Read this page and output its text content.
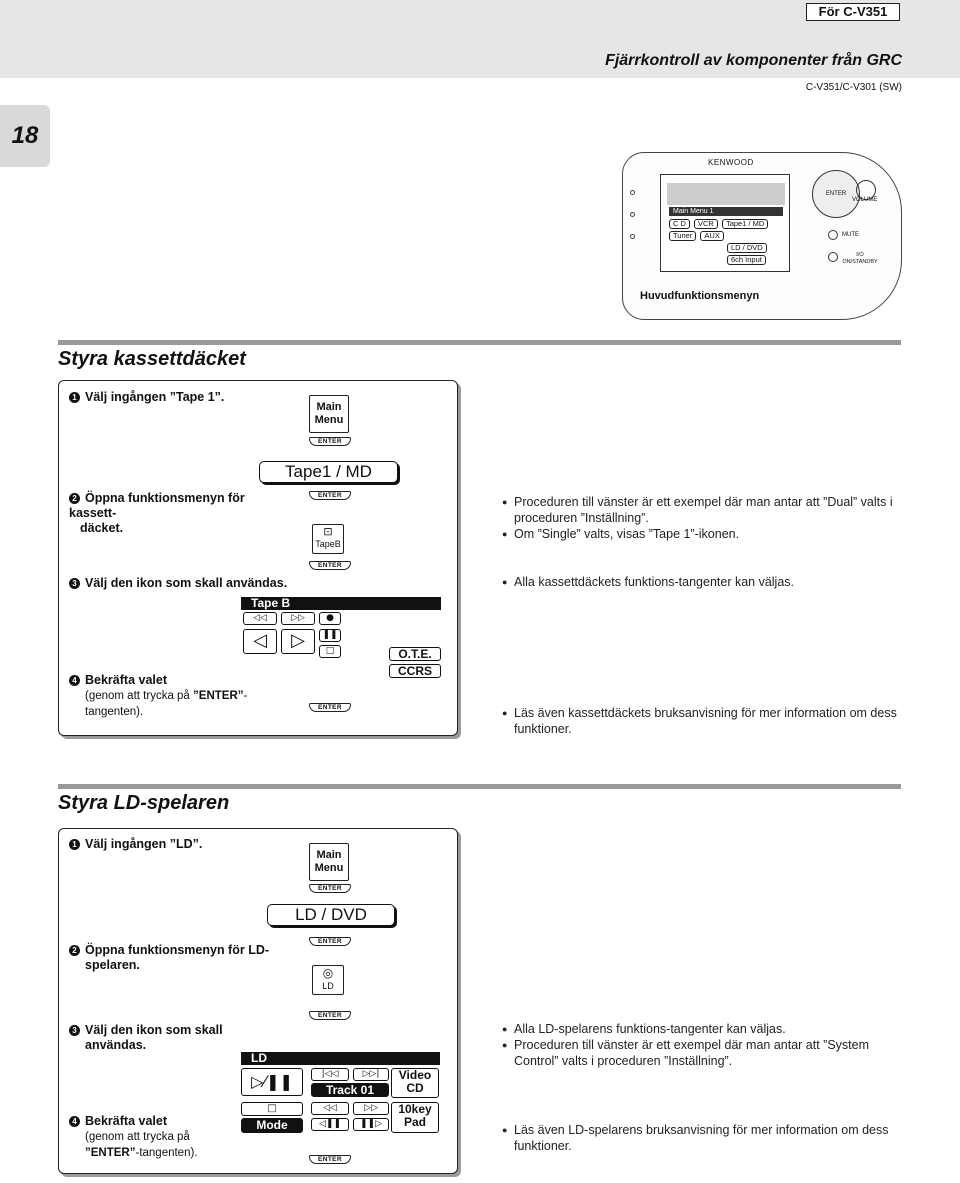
För C-V351
Fjärrkontroll av komponenter från GRC
C-V351/C-V301 (SW)
18
KENWOOD
Main Menu 1
C D VCR Tape1 / MD
Tuner AUX
LD / DVD
6ch Input
ENTER
VOLUME
MUTE
I/⏻ ON/STANDBY
Huvudfunktionsmenyn
Styra kassettdäcket
1 Välj ingången ”Tape 1”.
Main
Menu
ENTER
Tape1 / MD
2 Öppna funktionsmenyn för kassett-
däcket.
ENTER
⊡
TapeB
ENTER
3 Välj den ikon som skall användas.
4 Bekräfta valet
(genom att trycka på ”ENTER”-
tangenten).	ENTER
Tape B
◁◁	▷▷	●
◁	▷	❚❚
□	O.T.E.
CCRS

● Proceduren till vänster är ett exempel där man antar att ”Dual” valts i proceduren ”Inställning”.

● Om ”Single” valts, visas ”Tape 1”-ikonen.

● Alla kassettdäckets funktions-tangenter kan väljas.

● Läs även kassettdäckets bruksanvisning för mer information om dess funktioner.

Styra LD-spelaren
1 Välj ingången ”LD”.
Main
Menu
ENTER
LD / DVD
2 Öppna funktionsmenyn för LD-
spelaren.
ENTER
◎
LD
ENTER
3 Välj den ikon som skall
användas.
4 Bekräfta valet
(genom att trycka på
”ENTER”-tangenten).
ENTER
LD
▷⁄❚❚	|◁◁	▷▷|
Track 01
Video
CD
□
Mode
◁◁	▷▷
◁❚❚	❚❚▷
10key
Pad

● Alla LD-spelarens funktions-tangenter kan väljas.

● Proceduren till vänster är ett exempel där man antar att ”System Control” valts i proceduren ”Inställning”.

● Läs även LD-spelarens bruksanvisning för mer information om dess funktioner.
